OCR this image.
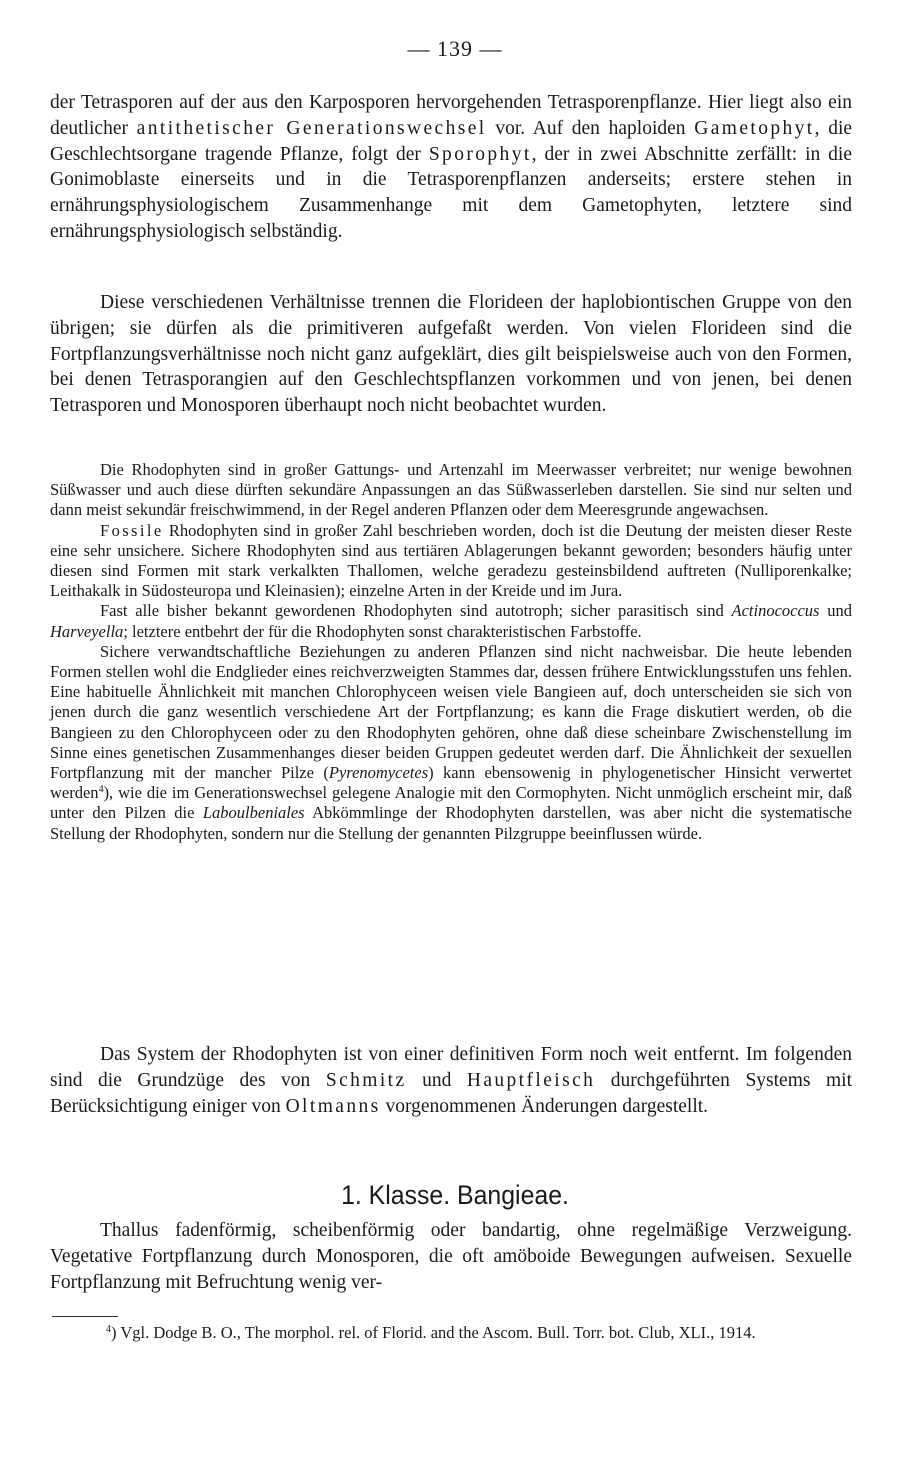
— 139 —

der Tetrasporen auf der aus den Karposporen hervorgehenden Tetrasporenpflanze. Hier liegt also ein deutlicher antithetischer Generationswechsel vor. Auf den haploiden Gametophyt, die Geschlechtsorgane tragende Pflanze, folgt der Sporophyt, der in zwei Abschnitte zerfällt: in die Gonimoblaste einerseits und in die Tetrasporenpflanzen anderseits; erstere stehen in ernährungsphysiologischem Zusammenhange mit dem Gametophyten, letztere sind ernährungsphysiologisch selbständig.

Diese verschiedenen Verhältnisse trennen die Florideen der haplobiontischen Gruppe von den übrigen; sie dürfen als die primitiveren aufgefaßt werden. Von vielen Florideen sind die Fortpflanzungsverhältnisse noch nicht ganz aufgeklärt, dies gilt beispielsweise auch von den Formen, bei denen Tetrasporangien auf den Geschlechtspflanzen vorkommen und von jenen, bei denen Tetrasporen und Monosporen überhaupt noch nicht beobachtet wurden.

Die Rhodophyten sind in großer Gattungs- und Artenzahl im Meerwasser verbreitet; nur wenige bewohnen Süßwasser und auch diese dürften sekundäre Anpassungen an das Süßwasserleben darstellen. Sie sind nur selten und dann meist sekundär freischwimmend, in der Regel anderen Pflanzen oder dem Meeresgrunde angewachsen.

Fossile Rhodophyten sind in großer Zahl beschrieben worden, doch ist die Deutung der meisten dieser Reste eine sehr unsichere. Sichere Rhodophyten sind aus tertiären Ablagerungen bekannt geworden; besonders häufig unter diesen sind Formen mit stark verkalkten Thallomen, welche geradezu gesteinsbildend auftreten (Nulliporenkalke; Leithakalk in Südosteuropa und Kleinasien); einzelne Arten in der Kreide und im Jura.

Fast alle bisher bekannt gewordenen Rhodophyten sind autotroph; sicher parasitisch sind Actinococcus und Harveyella; letztere entbehrt der für die Rhodophyten sonst charakteristischen Farbstoffe.

Sichere verwandtschaftliche Beziehungen zu anderen Pflanzen sind nicht nachweisbar. Die heute lebenden Formen stellen wohl die Endglieder eines reichverzweigten Stammes dar, dessen frühere Entwicklungsstufen uns fehlen. Eine habituelle Ähnlichkeit mit manchen Chlorophyceen weisen viele Bangieen auf, doch unterscheiden sie sich von jenen durch die ganz wesentlich verschiedene Art der Fortpflanzung; es kann die Frage diskutiert werden, ob die Bangieen zu den Chlorophyceen oder zu den Rhodophyten gehören, ohne daß diese scheinbare Zwischenstellung im Sinne eines genetischen Zusammenhanges dieser beiden Gruppen gedeutet werden darf. Die Ähnlichkeit der sexuellen Fortpflanzung mit der mancher Pilze (Pyrenomycetes) kann ebensowenig in phylogenetischer Hinsicht verwertet werden$^4$), wie die im Generationswechsel gelegene Analogie mit den Cormophyten. Nicht unmöglich erscheint mir, daß unter den Pilzen die Laboulbeniales Abkömmlinge der Rhodophyten darstellen, was aber nicht die systematische Stellung der Rhodophyten, sondern nur die Stellung der genannten Pilzgruppe beeinflussen würde.

Das System der Rhodophyten ist von einer definitiven Form noch weit entfernt. Im folgenden sind die Grundzüge des von Schmitz und Hauptfleisch durchgeführten Systems mit Berücksichtigung einiger von Oltmanns vorgenommenen Änderungen dargestellt.

1. Klasse. Bangieae.

Thallus fadenförmig, scheibenförmig oder bandartig, ohne regelmäßige Verzweigung. Vegetative Fortpflanzung durch Monosporen, die oft amöboide Bewegungen aufweisen. Sexuelle Fortpflanzung mit Befruchtung wenig ver-

$^4$) Vgl. Dodge B. O., The morphol. rel. of Florid. and the Ascom. Bull. Torr. bot. Club, XLI., 1914.
